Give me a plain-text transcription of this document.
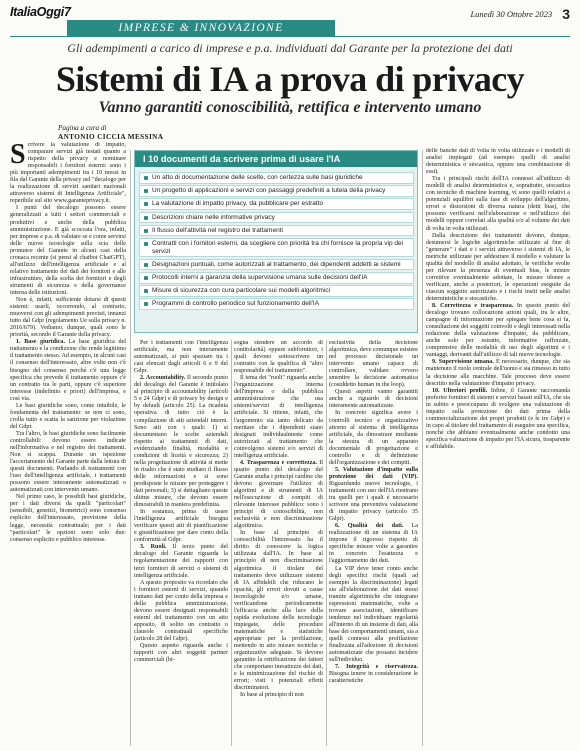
ItaliaOggi7	Lunedì 30 Ottobre 2023 3
IMPRESE & INNOVAZIONE
Gli adempimenti a carico di imprese e p.a. individuati dal Garante per la protezione dei dati
Sistemi di IA a prova di privacy
Vanno garantiti conoscibilità, rettifica e intervento umano
Pagina a cura di
ANTONIO CICCIA MESSINA
S crivere la valutazione di impatto, comparare servizi già testati quanto a rispetto della privacy e nominare responsabili i fornitori esterni: sono i più importanti adempimenti tra i 10 messi in fila dal Garante della privacy nel "decalogo per la realizzazione di servizi sanitari nazionali attraverso sistemi di Intelligenza Artificiale", reperibile sul sito www.garanteprivacy.it.

I punti del decalogo possono essere generalizzati a tutti i settori commerciali e produttivi e anche della pubblica amministrazione. E già scoccata l'ora, infatti, per imprese e p.a. di valutare se e come servirsi delle nuove tecnologie sulla scia delle pronunce del Garante in alcuni casi della cronaca recente (si pensi al chatbot ChatGPT), all'utilizzo dell'intelligenza artificiale e al relativo trattamento dei dati dei fornitori e alle infrastrutture, della scelta dei fornitori e degli strumenti di sicurezza e della governance interna delle istituzioni.

Non è, infatti, sufficiente dotarsi di questi sistemi: usarli, occorrendo, al contrario, muoversi con gli adempimenti previsti, innanzi tutto dal Gdpr (regolamento Ue sulla privacy n. 2016/679). Vediamo, dunque, quali sono le priorità, secondo il Garante della privacy.

1. Base giuridica. La base giuridica del trattamento e la condizione che rende legittimo il trattamento stesso. Ad esempio, in alcuni casi il consenso dell'interessato, altre volte non c'è bisogno del consenso perché c'è una legge specifica che prevede il trattamento oppure c'è un contratto tra le parti, oppure c'è superiore interesse (indefinito e priori) dell'impresa, e così via.

Le basi giuridiche sono, come intuibile, le fondamenta del trattamento: se non ci sono, crolla tutto e scatta la sanzione per violazione del Gdpr.

Tra l'altro, le basi giuridiche sono facilmente controllabili: devono essere indicate nell'informativa e nel registro dei trattamenti. Non si scappa. Durante un ispezione l'accertamento del Garante parte dalla lettura di questi documenti. Parlando di trattamenti con l'uso dell'intelligenza artificiale, i trattamenti possono essere interamente automatizzati o automatizzati con intervento umano.

Nel primo caso, le possibili basi giuridiche, per i dati diversi da quelli "particolari" (sensibili, genetici, biometrici) sono consenso esplicito dell'interessato, previsione della legge, necessità contrattuale; per i dati "particolari" le opzioni sono solo due: consenso esplicito e pubblico interesse.

I 10 documenti da scrivere prima di usare l'IA
Un atto di documentazione delle scelte, con certezza sulle basi giuridiche
Un progetto di applicazioni e servizi con passaggi predefiniti a tutela della privacy
La valutazione di impatto privacy, da pubblicare per estratto
Descrizioni chiare nelle informative privacy
Il flusso dell'attività nel registro dei trattamenti
Contratti con i fornitori esterni, da scegliere con priorità tra chi fornisce la propria vip dei servizi
Designazioni puntuali, come autorizzati al trattamento, dei dipendenti addetti ai sistemi
Protocolli interni a garanzia della supervisione umana sulle decisioni dell'IA
Misure di sicurezza con cura particolare sui modelli algoritmici
Programmi di controllo periodico sul funzionamento dell'IA

Per i trattamenti con l'intelligenza artificiale, ma non interamente automatizzati, si può spaziare tra i casi elencati dagli articoli 6 e 9 del Gdpr.

2. Accountability. Il secondo punto del decalogo del Garante è intitolato al principio di accountability (articoli 5 e 24 Gdpr) e di privacy by design e by default (articolo 25). La ricaduta operativa di tutto ciò è la compilazione di atti aziendali interni. Sono atti con i quali: 1) si documentano le scelte aziendali rispetto ai trattamenti di dati, evidenziando finalità, modalità e condizioni di liceità e sicurezza; 2) nella progettazione di attività si mette in risalto che è stato studiato il flusso delle informazioni e si sono predisposte le misure per proteggere i dati personali; 3) si dettagliano queste ultime misure, che devono essere dimostrabili in maniera predefinita.

In sostanza, prima di usare l'intelligenza artificiale bisogna verificare questi atti di pianificazione e giustificazione per dare conto della conformità al Gdpr.

3. Ruoli. Il terzo punto del decalogo del Garante riguarda la regolamentazione dei rapporti con terzi fornitori di servizi o sistemi di intelligenza artificiale.

A questo proposito va ricordato che i fornitori esterni di servizi, quando trattano dati per conto della impresa e della pubblica amministrazione, devono essere designati responsabili esterni del trattamento con un atto apposito, di solito un contratto o clausole contrattuali specifiche (articolo 28 del Gdpr).

Questo aspetto riguarda anche i rapporti con altri soggetti partner commerciali (bi-

sogna stendere un accordo di contitolarità) oppure subfornitori, i quali devono sottoscrivere un contratto con la qualifica di "altro responsabile del trattamento".

Il tema dei "ruoli" riguarda anche l'organizzazione interna dell'impresa o della pubblica amministrazione che usa sistemi/servizi di intelligenza artificiale. Si ritiene, infatti, che l'argomento sia tanto delicato da meritare che i dipendenti siano designati individualmente come autorizzati al trattamento che coinvolgono sistemi e/o servizi di intelligenza artificiale.

4. Trasparenza e correttezza. Il quarto punto del decalogo del Garante studia i principi cardine che devono governare l'utilizzo di algoritmi e di strumenti di IA nell'esecuzione di compiti di rilevante interesse pubblico: sono i principi di conoscibilità, non esclusività e non discriminazione algoritmica.

In base al principio di conoscibilità l'interessato ha il diritto di conoscere la logica utilizzata dall'IA. In base al principio di non discriminazione algoritmica il titolare del trattamento deve utilizzare sistemi di IA affidabili che riducano le opacità, gli errori dovuti a cause tecnologiche e/o umane, verificandone periodicamente l'efficacia anche alla luce della rapida evoluzione delle tecnologie impiegate, delle procedure matematiche e statistiche appropriate per la profilazione, mettendo in atto misure tecniche e organizzative adeguate. Si devono garantire la rettificazione dei fattori che comportano inesattezze dei dati, e la minimizzazione del rischio di errori; visti i potenziali effetti discriminatori.

In base al principio di non

esclusività della decisione algoritmica, deve comunque esistere nel processo decisionale un intervento umano capace di controllare, validare ovvero smentire la decisione automatica (cosiddetto human in the loop).

Questi aspetti vanno garantiti anche a riguardo di decisioni interamente automatizzate.

In concreto significa avere i controlli tecnico e organizzativo attorno al sistema di intelligenza artificiale, da dimostrare mediante la stesura di un apparato documentale di progettazione e controllo e di definizione dell'organizzazione e dei compiti.

5. Valutazione d'impatto sulla protezione dei dati (VIP). Riguardando nuove tecnologie, i trattamenti con uso dell'IA rientrano tra quelli per i quali è necessario scrivere una preventiva valutazione di impatto privacy (articolo 35 Gdpr).

6. Qualità dei dati. La realizzazione di un sistema di IA impone il rigoroso rispetto di specifiche misure volte a garantire in concreto l'esattezza e l'aggiornamento dei dati.

La VIP deve tener conto anche degli specifici rischi (quali ad esempio la discriminazione) legati sia all'elaborazione dei dati stessi tramite algoritmiche che integrano espressioni matematiche, volte a trovare associazioni, identificare tendenze nel individuare regolarità all'interno di un insieme di dati, alla base dei comportamenti umani, sia a quelli connessi alla profilazione finalizzata all'adozione di decisioni automatizzate che possano incidere sull'individuo.

7. Integrità e riservatezza. Bisogna tenere in considerazione le caratteristiche

delle banche dati di volta in volta utilizzate e i modelli di analisi impiegati (ad esempio quelli di analisi deterministica o stocastica, oppure una combinazione di essi).

Tra i principali rischi dell'IA connessi all'utilizzo di modelli di analisi deterministica e, soprattutto, stocastica con tecniche di machine learning, vi sono quelli relativi a potenziali squilibri sulla fase di sviluppo dell'algoritmo, errori e distorsioni di diversa natura (detti bias), che possono verificarsi nell'elaborazione o nell'utilizzo dei modelli oppure correlati alla qualità e/o al volume dei dati di volta in volta utilizzati.

Dalla descrizione dei trattamenti devono, dunque, desumersi le logiche algoritmiche utilizzate al fine di "generare" i dati e i servizi attraverso i sistemi di IA, le metriche utilizzate per addestrare il modello e valutare la qualità del modello di analisi adottato, le verifiche svolte per rilevare la presenza di eventuali bias, le misure correttive eventualmente adottate, le misure idonee a verificare, anche a posteriori, le operazioni eseguite da ciascun soggetto autorizzato e i rischi insiti nelle analisi deterministiche e stocastiche.

8. Correttezza e trasparenza. In questo punto del decalogo trovano collocazione azioni quali, tra le altre, campagne di informazione per spiegare bene cosa si fa, consultazione dei soggetti coinvolti e degli interessati nella redazione della valutazione d'impatto, da pubblicare, anche solo per estratto, informative rafforzate, comprensive delle modalità di uso degli algoritmi e i vantaggi, derivanti dall'utilizzo di tali nuove tecnologie.

9. Supervisione umana. È necessario, dunque, che sia mantenuto il ruolo centrale dell'uomo e sia rimesso in tutto la decisione alle macchine. Tale processo deve essere descritto nella valutazione d'impatto privacy.

10. Ulteriori profili. Infine, il Garante raccomanda preferire fornitori di sistemi e servizi basati sull'IA, che sia in subito e preoccupano di svolgere una valutazione di impatto sulla protezione dei dati prima della commercializzazione dei propri prodotti (e le tre Gdpr) e in capo al titolare del trattamento di eseguire una specifica, nonché che abbiano eventualmente anche condotto una specifica valutazione di impatto per l'IA sicura, trasparente e affidabile.
